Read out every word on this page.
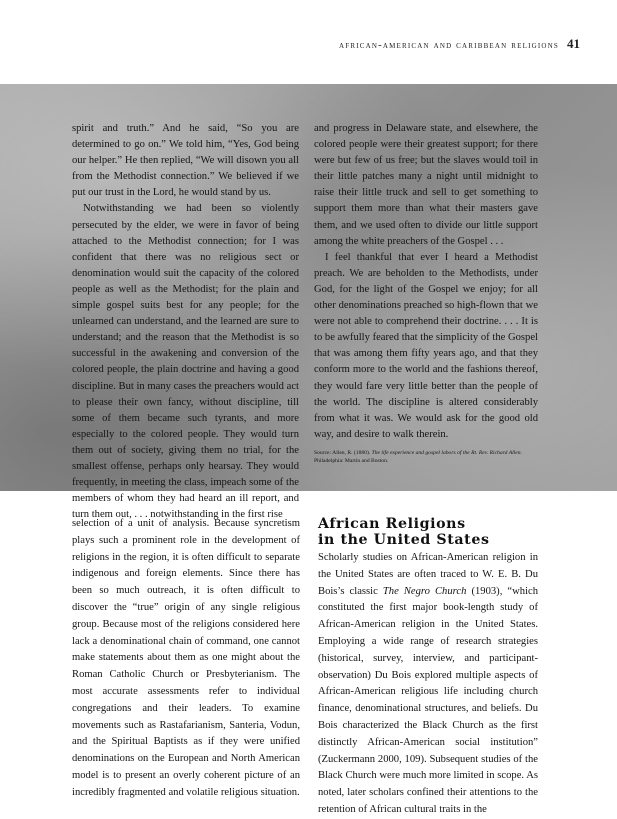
african-american and caribbean religions 41

spirit and truth.” And he said, “So you are determined to go on.” We told him, “Yes, God being our helper.” He then replied, “We will disown you all from the Methodist connection.” We believed if we put our trust in the Lord, he would stand by us.

Notwithstanding we had been so violently persecuted by the elder, we were in favor of being attached to the Methodist connection; for I was confident that there was no religious sect or denomination would suit the capacity of the colored people as well as the Methodist; for the plain and simple gospel suits best for any people; for the unlearned can understand, and the learned are sure to understand; and the reason that the Methodist is so successful in the awakening and conversion of the colored people, the plain doctrine and having a good discipline. But in many cases the preachers would act to please their own fancy, without discipline, till some of them became such tyrants, and more especially to the colored people. They would turn them out of society, giving them no trial, for the smallest offense, perhaps only hearsay. They would frequently, in meeting the class, impeach some of the members of whom they had heard an ill report, and turn them out, . . . notwithstanding in the first rise

and progress in Delaware state, and elsewhere, the colored people were their greatest support; for there were but few of us free; but the slaves would toil in their little patches many a night until midnight to raise their little truck and sell to get something to support them more than what their masters gave them, and we used often to divide our little support among the white preachers of the Gospel . . .

I feel thankful that ever I heard a Methodist preach. We are beholden to the Methodists, under God, for the light of the Gospel we enjoy; for all other denominations preached so high-flown that we were not able to comprehend their doctrine. . . . It is to be awfully feared that the simplicity of the Gospel that was among them fifty years ago, and that they conform more to the world and the fashions thereof, they would fare very little better than the people of the world. The discipline is altered considerably from what it was. We would ask for the good old way, and desire to walk therein.

Source: Allen, R. (1880). The life experience and gospel labors of the Rt. Rev. Richard Allen. Philadelphia: Martin and Boston.

selection of a unit of analysis. Because syncretism plays such a prominent role in the development of religions in the region, it is often difficult to separate indigenous and foreign elements. Since there has been so much outreach, it is often difficult to discover the “true” origin of any single religious group. Because most of the religions considered here lack a denominational chain of command, one cannot make statements about them as one might about the Roman Catholic Church or Presbyterianism. The most accurate assessments refer to individual congregations and their leaders. To examine movements such as Rastafarianism, Santeria, Vodun, and the Spiritual Baptists as if they were unified denominations on the European and North American model is to present an overly coherent picture of an incredibly fragmented and volatile religious situation.

African Religions
in the United States

Scholarly studies on African-American religion in the United States are often traced to W. E. B. Du Bois’s classic The Negro Church (1903), “which constituted the first major book-length study of African-American religion in the United States. Employing a wide range of research strategies (historical, survey, interview, and participant-observation) Du Bois explored multiple aspects of African-American religious life including church finance, denominational structures, and beliefs. Du Bois characterized the Black Church as the first distinctly African-American social institution” (Zuckermann 2000, 109). Subsequent studies of the Black Church were much more limited in scope. As noted, later scholars confined their attentions to the retention of African cultural traits in the
